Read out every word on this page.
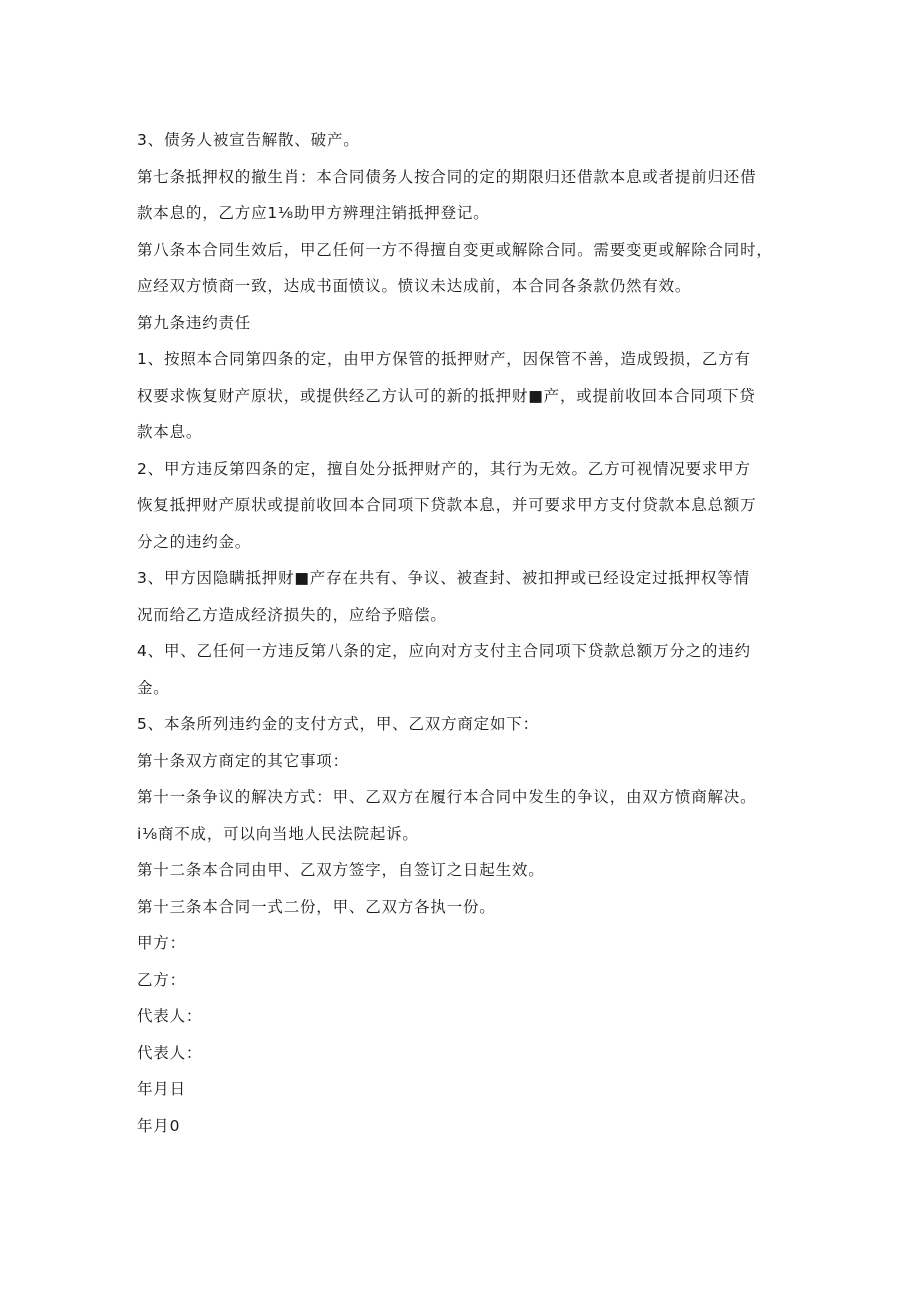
3、债务人被宣告解散、破产。
第七条抵押权的撤生肖：本合同债务人按合同的定的期限归还借款本息或者提前归还借
款本息的，乙方应1⅛助甲方辨理注销抵押登记。
第八条本合同生效后，甲乙任何一方不得擅自变更或解除合同。需要变更或解除合同时，
应经双方愤商一致，达成书面愤议。愤议未达成前，本合同各条款仍然有效。
第九条违约责任
1、按照本合同第四条的定，由甲方保管的抵押财产，因保管不善，造成毁损，乙方有
权要求恢复财产原状，或提供经乙方认可的新的抵押财■产，或提前收回本合同项下贷
款本息。
2、甲方违反第四条的定，擅自处分抵押财产的，其行为无效。乙方可视情况要求甲方
恢复抵押财产原状或提前收回本合同项下贷款本息，并可要求甲方支付贷款本息总额万
分之的违约金。
3、甲方因隐瞒抵押财■产存在共有、争议、被查封、被扣押或已经设定过抵押权等情
况而给乙方造成经济损失的，应给予赔偿。
4、甲、乙任何一方违反第八条的定，应向对方支付主合同项下贷款总额万分之的违约
金。
5、本条所列违约金的支付方式，甲、乙双方商定如下：
第十条双方商定的其它事项：
第十一条争议的解决方式：甲、乙双方在履行本合同中发生的争议，由双方愤商解决。
i⅛商不成，可以向当地人民法院起诉。
第十二条本合同由甲、乙双方签字，自签订之日起生效。
第十三条本合同一式二份，甲、乙双方各执一份。
甲方：
乙方：
代表人：
代表人：
年月日
年月0
